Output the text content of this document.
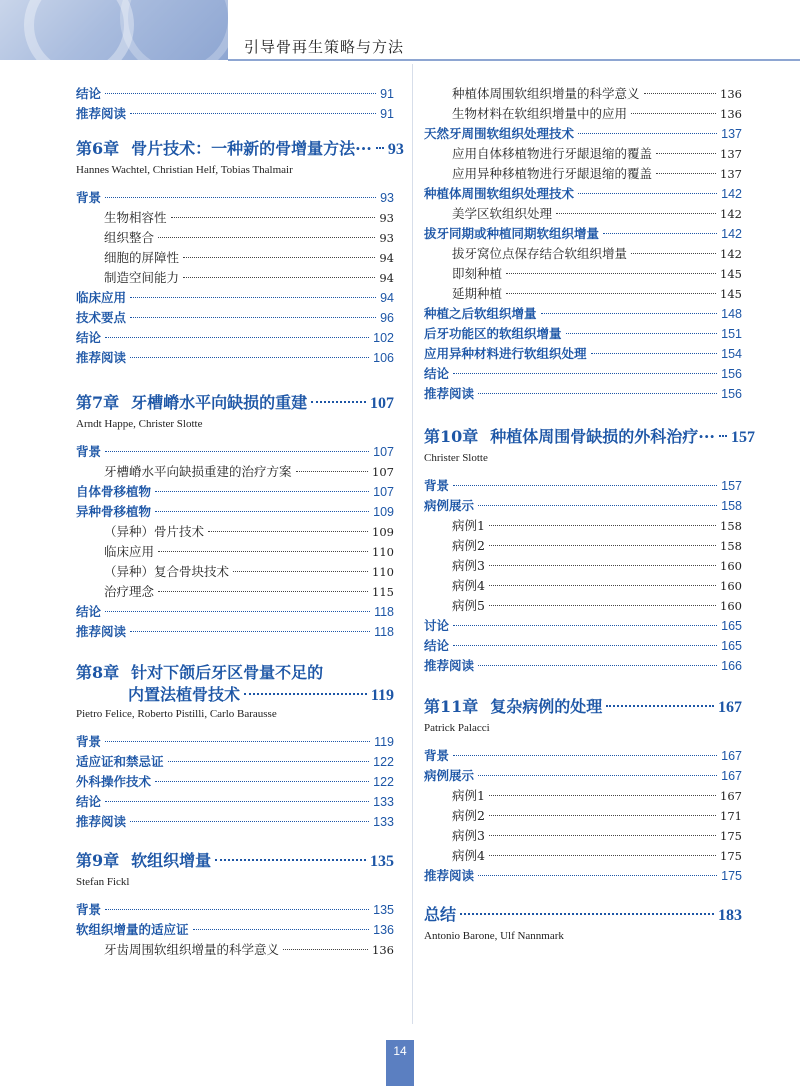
引导骨再生策略与方法
结论	91
推荐阅读	91
第6章 骨片技术：一种新的骨增量方法··· 93
Hannes Wachtel, Christian Helf, Tobias Thalmair
背景	93
生物相容性	93
组织整合	93
细胞的屏障性	94
制造空间能力	94
临床应用	94
技术要点	96
结论	102
推荐阅读	106
第7章 牙槽嵴水平向缺损的重建	107
Arndt Happe, Christer Slotte
背景	107
牙槽嵴水平向缺损重建的治疗方案	107
自体骨移植物	107
异种骨移植物	109
（异种）骨片技术	109
临床应用	110
（异种）复合骨块技术	110
治疗理念	115
结论	118
推荐阅读	118
第8章 针对下颌后牙区骨量不足的
内置法植骨技术	119
Pietro Felice, Roberto Pistilli, Carlo Barausse
背景	119
适应证和禁忌证	122
外科操作技术	122
结论	133
推荐阅读	133
第9章 软组织增量	135
Stefan Fickl
背景	135
软组织增量的适应证	136
牙齿周围软组织增量的科学意义	136
种植体周围软组织增量的科学意义	136
生物材料在软组织增量中的应用	136
天然牙周围软组织处理技术	137
应用自体移植物进行牙龈退缩的覆盖	137
应用异种移植物进行牙龈退缩的覆盖	137
种植体周围软组织处理技术	142
美学区软组织处理	142
拔牙同期或种植同期软组织增量	142
拔牙窝位点保存结合软组织增量	142
即刻种植	145
延期种植	145
种植之后软组织增量	148
后牙功能区的软组织增量	151
应用异种材料进行软组织处理	154
结论	156
推荐阅读	156
第10章 种植体周围骨缺损的外科治疗··· 157
Christer Slotte
背景	157
病例展示	158
病例1	158
病例2	158
病例3	160
病例4	160
病例5	160
讨论	165
结论	165
推荐阅读	166
第11章 复杂病例的处理	167
Patrick Palacci
背景	167
病例展示	167
病例1	167
病例2	171
病例3	175
病例4	175
推荐阅读	175
总结	183
Antonio Barone, Ulf Nannmark
14
